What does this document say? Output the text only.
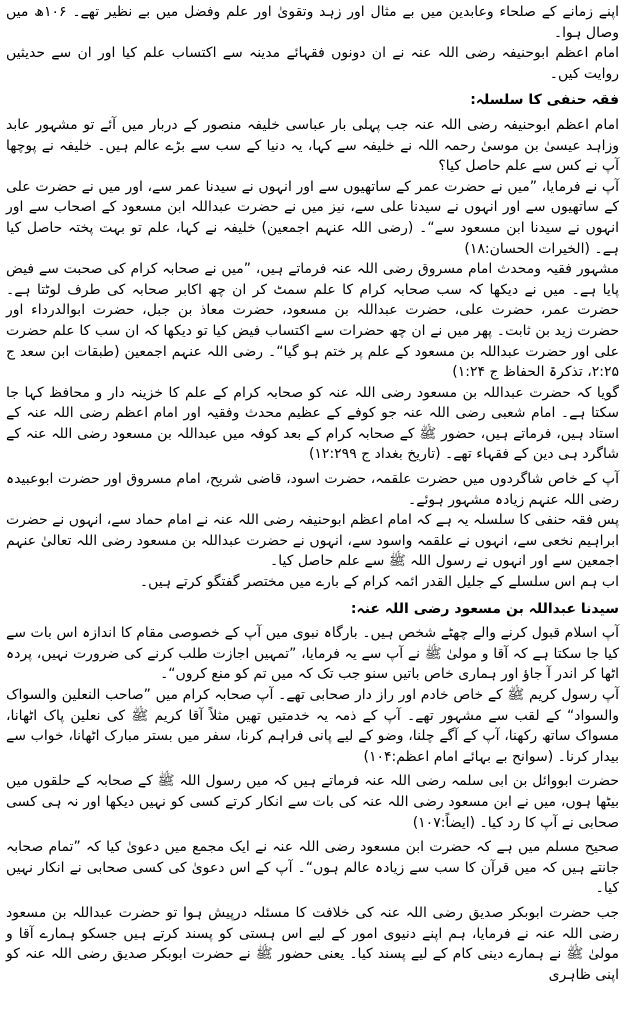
اپنے زمانے کے صلحاء وعابدین میں بے مثال اور زہد وتقویٰ اور علم وفضل میں بے نظیر تھے۔ ۱۰۶ھ میں وصال ہوا۔

امام اعظم ابوحنیفہ رضی اللہ عنہ نے ان دونوں فقہائے مدینہ سے اکتساب علم کیا اور ان سے حدیثیں روایت کیں۔

فقہ حنفی کا سلسلہ:

امام اعظم ابوحنیفہ رضی اللہ عنہ جب پہلی بار عباسی خلیفہ منصور کے دربار میں آئے تو مشہور عابد وزاہد عیسیٰ بن موسیٰ رحمہ اللہ نے خلیفہ سے کہا، یہ دنیا کے سب سے بڑے عالم ہیں۔ خلیفہ نے پوچھا آپ نے کس سے علم حاصل کیا؟

آپ نے فرمایا، ”میں نے حضرت عمر کے ساتھیوں سے اور انہوں نے سیدنا عمر سے، اور میں نے حضرت علی کے ساتھیوں سے اور انہوں نے سیدنا علی سے، نیز میں نے حضرت عبداللہ ابن مسعود کے اصحاب سے اور انہوں نے سیدنا ابن مسعود سے“۔ (رضی اللہ عنہم اجمعین) خلیفہ نے کہا، علم تو بہت پختہ حاصل کیا ہے۔ (الخیرات الحسان:۱۸)

مشہور فقیہ ومحدث امام مسروق رضی اللہ عنہ فرماتے ہیں، ”میں نے صحابہ کرام کی صحبت سے فیض پایا ہے۔ میں نے دیکھا کہ سب صحابہ کرام کا علم سمٹ کر ان چھ اکابر صحابہ کی طرف لوٹتا ہے۔ حضرت عمر، حضرت علی، حضرت عبداللہ بن مسعود، حضرت معاذ بن جبل، حضرت ابوالدرداء اور حضرت زید بن ثابت۔ پھر میں نے ان چھ حضرات سے اکتساب فیض کیا تو دیکھا کہ ان سب کا علم حضرت علی اور حضرت عبداللہ بن مسعود کے علم پر ختم ہو گیا“۔ رضی اللہ عنہم اجمعین (طبقات ابن سعد ج ۲:۲۵، تذکرۃ الحفاظ ج ۱:۲۴)

گویا کہ حضرت عبداللہ بن مسعود رضی اللہ عنہ کو صحابہ کرام کے علم کا خزینہ دار و محافظ کہا جا سکتا ہے۔ امام شعبی رضی اللہ عنہ جو کوفے کے عظیم محدث وفقیہ اور امام اعظم رضی اللہ عنہ کے استاد ہیں، فرماتے ہیں، حضور ﷺ کے صحابہ کرام کے بعد کوفہ میں عبداللہ بن مسعود رضی اللہ عنہ کے شاگرد ہی دین کے فقہاء تھے۔ (تاریخ بغداد ج ۱۲:۲۹۹)

آپ کے خاص شاگردوں میں حضرت علقمہ، حضرت اسود، قاضی شریح، امام مسروق اور حضرت ابوعبیدہ رضی اللہ عنہم زیادہ مشہور ہوئے۔

پس فقہ حنفی کا سلسلہ یہ ہے کہ امام اعظم ابوحنیفہ رضی اللہ عنہ نے امام حماد سے، انہوں نے حضرت ابراہیم نخعی سے، انہوں نے علقمہ واسود سے، انہوں نے حضرت عبداللہ بن مسعود رضی اللہ تعالیٰ عنہم اجمعین سے اور انہوں نے رسول اللہ ﷺ سے علم حاصل کیا۔

اب ہم اس سلسلے کے جلیل القدر ائمہ کرام کے بارے میں مختصر گفتگو کرتے ہیں۔

سیدنا عبداللہ بن مسعود رضی اللہ عنہ:

آپ اسلام قبول کرنے والے چھٹے شخص ہیں۔ بارگاہ نبوی میں آپ کے خصوصی مقام کا اندازہ اس بات سے کیا جا سکتا ہے کہ آقا و مولیٰ ﷺ نے آپ سے یہ فرمایا، ”تمہیں اجازت طلب کرنے کی ضرورت نہیں، پردہ اٹھا کر اندر آ جاؤ اور ہماری خاص باتیں سنو جب تک کہ میں تم کو منع کروں“۔

آپ رسول کریم ﷺ کے خاص خادم اور راز دار صحابی تھے۔ آپ صحابہ کرام میں ”صاحب النعلین والسواک والسواد“ کے لقب سے مشہور تھے۔ آپ کے ذمہ یہ خدمتیں تھیں مثلاً آقا کریم ﷺ کی نعلین پاک اٹھانا، مسواک ساتھ رکھنا، آپ کے آگے چلنا، وضو کے لیے پانی فراہم کرنا، سفر میں بستر مبارک اٹھانا، خواب سے بیدار کرنا۔ (سوانح بے بہائے امام اعظم:۱۰۴)

حضرت ابووائل بن ابی سلمہ رضی اللہ عنہ فرماتے ہیں کہ میں رسول اللہ ﷺ کے صحابہ کے حلقوں میں بیٹھا ہوں، میں نے ابن مسعود رضی اللہ عنہ کی بات سے انکار کرتے کسی کو نہیں دیکھا اور نہ ہی کسی صحابی نے آپ کا رد کیا۔ (ایضاً:۱۰۷)

صحیح مسلم میں ہے کہ حضرت ابن مسعود رضی اللہ عنہ نے ایک مجمع میں دعویٰ کیا کہ ”تمام صحابہ جانتے ہیں کہ میں قرآن کا سب سے زیادہ عالم ہوں“۔ آپ کے اس دعویٰ کی کسی صحابی نے انکار نہیں کیا۔

جب حضرت ابوبکر صدیق رضی اللہ عنہ کی خلافت کا مسئلہ درپیش ہوا تو حضرت عبداللہ بن مسعود رضی اللہ عنہ نے فرمایا، ہم اپنے دنیوی امور کے لیے اس ہستی کو پسند کرتے ہیں جسکو ہمارے آقا و مولیٰ ﷺ نے ہمارے دینی کام کے لیے پسند کیا۔ یعنی حضور ﷺ نے حضرت ابوبکر صدیق رضی اللہ عنہ کو اپنی ظاہری
